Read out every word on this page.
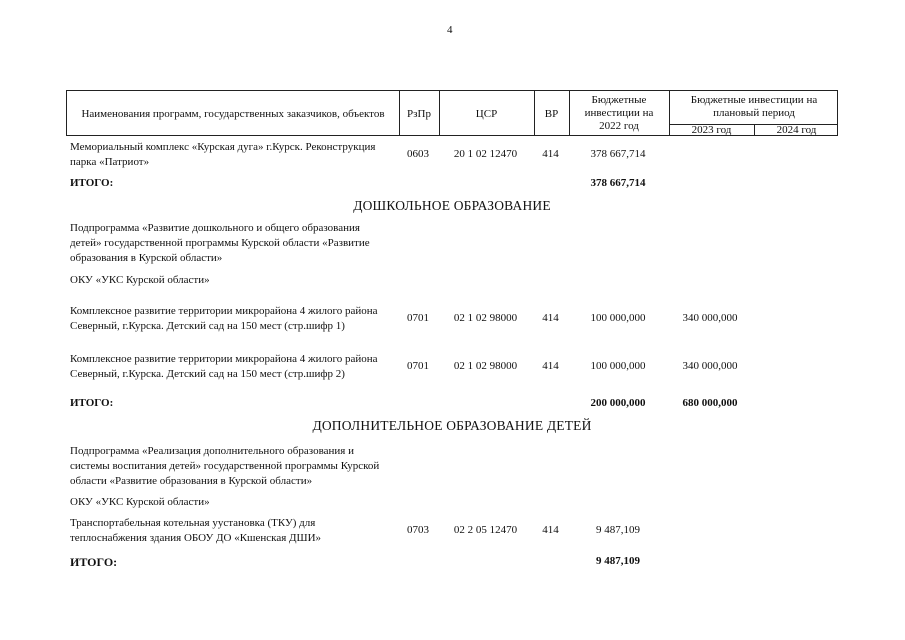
4
Наименования программ, государственных заказчиков, объектов	РзПр	ЦСР	ВР
Бюджетные
инвестиции на
2022 год
Бюджетные инвестиции на
плановый период
2023 год	2024 год
Мемориальный комплекс «Курская дуга» г.Курск. Реконструкция
парка «Патриот»
0603	20 1 02 12470	414	378 667,714
ИТОГО:	378 667,714
ДОШКОЛЬНОЕ ОБРАЗОВАНИЕ
Подпрограмма «Развитие дошкольного и общего образования
детей» государственной программы Курской области «Развитие
образования в Курской области»
ОКУ «УКС Курской области»
Комплексное развитие территории микрорайона 4 жилого района
Северный, г.Курска. Детский сад на 150 мест (стр.шифр 1)
0701	02 1 02 98000	414	100 000,000	340 000,000
Комплексное развитие территории микрорайона 4 жилого района
Северный, г.Курска. Детский сад на 150 мест (стр.шифр 2)
0701	02 1 02 98000	414	100 000,000	340 000,000
ИТОГО:	200 000,000	680 000,000
ДОПОЛНИТЕЛЬНОЕ ОБРАЗОВАНИЕ ДЕТЕЙ
Подпрограмма «Реализация дополнительного образования и
системы воспитания детей» государственной программы Курской
области «Развитие образования в Курской области»
ОКУ «УКС Курской области»
Транспортабельная котельная уустановка (ТКУ) для
теплоснабжения здания ОБОУ ДО «Кшенская ДШИ»
0703	02 2 05 12470	414	9 487,109
ИТОГО:	9 487,109
